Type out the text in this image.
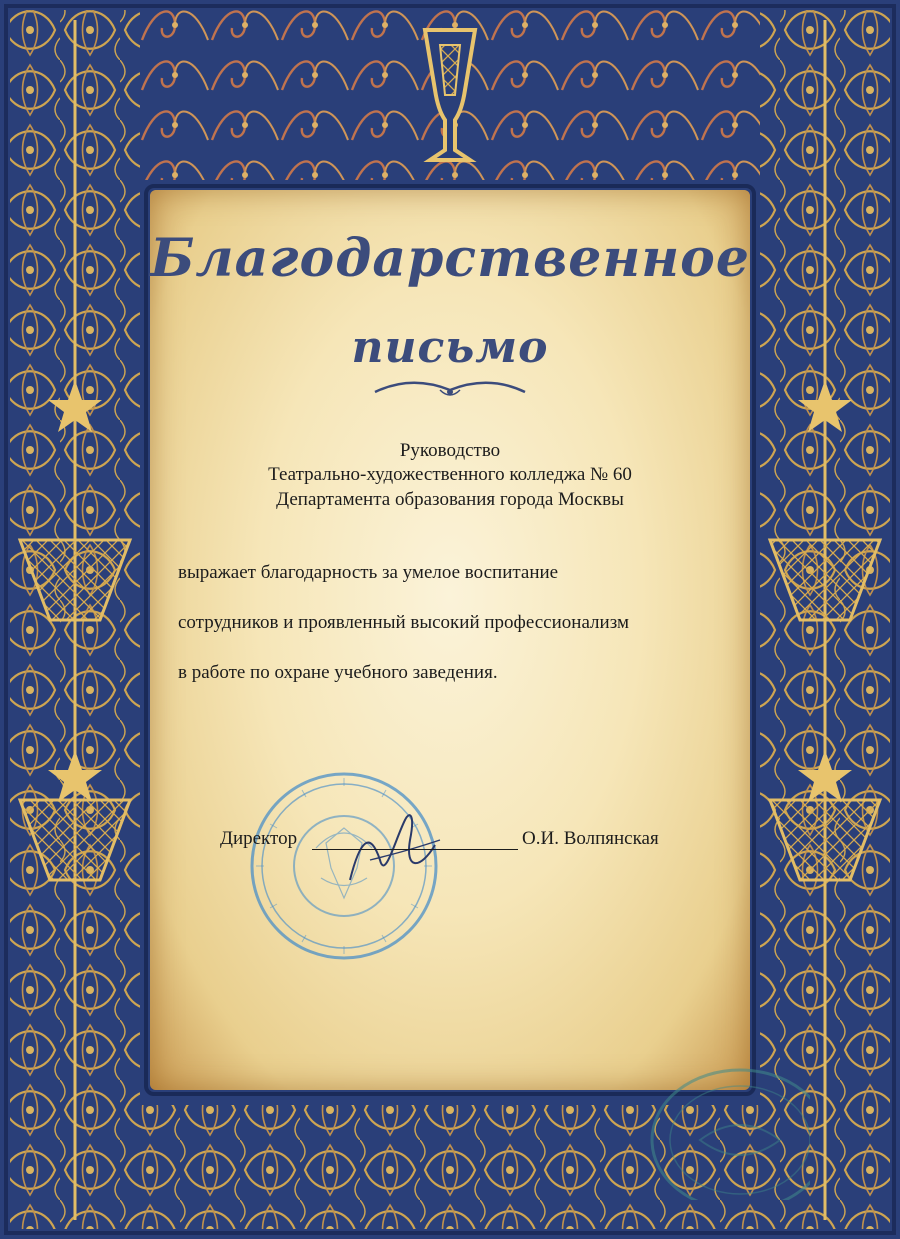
Благодарственное
письмо

Руководство

Театрально-художественного колледжа № 60

Департамента образования города Москвы

выражает благодарность за умелое воспитание

сотрудников и проявленный высокий профессионализм

в работе по охране учебного заведения.

Директор	О.И. Волпянская
